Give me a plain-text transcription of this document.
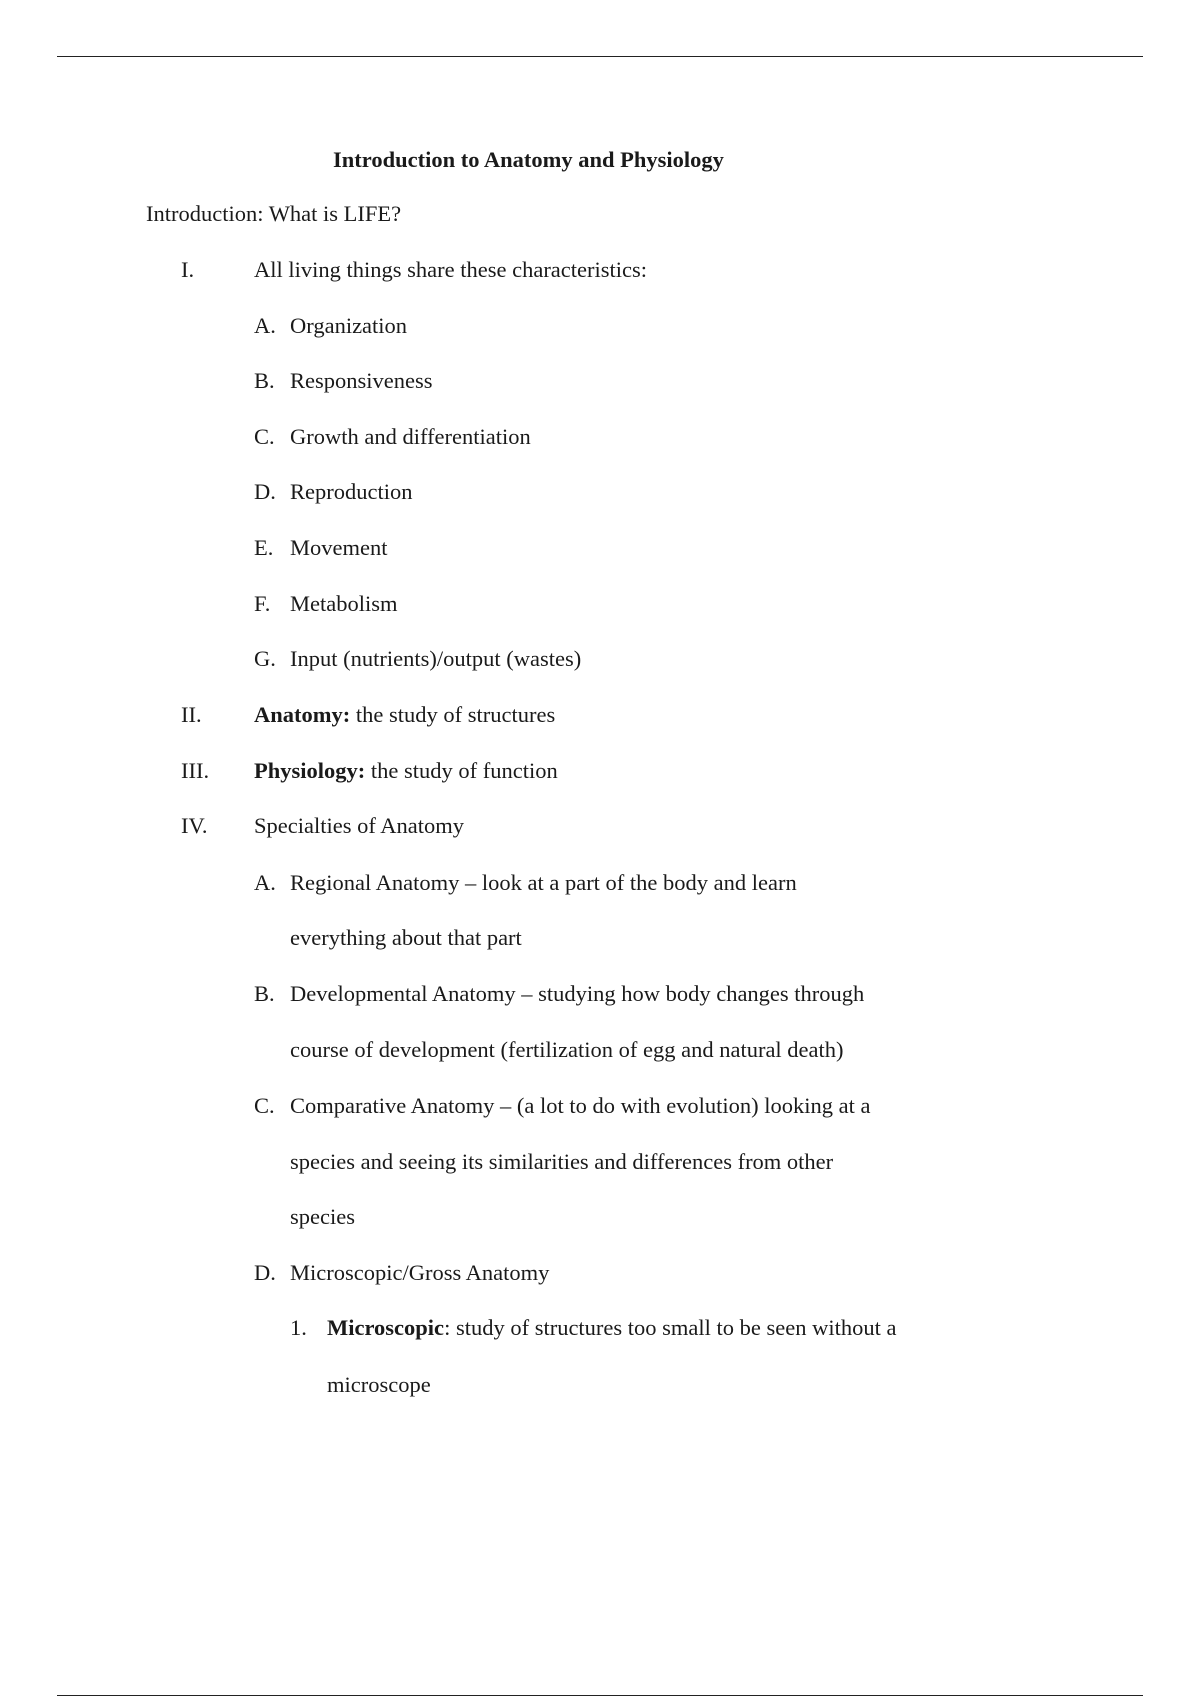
Introduction to Anatomy and Physiology
Introduction: What is LIFE?
I.	All living things share these characteristics:
A. Organization
B. Responsiveness
C. Growth and differentiation
D. Reproduction
E. Movement
F. Metabolism
G. Input (nutrients)/output (wastes)
II. Anatomy: the study of structures
III. Physiology: the study of function
IV. Specialties of Anatomy
A. Regional Anatomy – look at a part of the body and learn
everything about that part
B. Developmental Anatomy – studying how body changes through
course of development (fertilization of egg and natural death)
C. Comparative Anatomy – (a lot to do with evolution) looking at a
species and seeing its similarities and differences from other
species
D. Microscopic/Gross Anatomy
1. Microscopic: study of structures too small to be seen without a
microscope
